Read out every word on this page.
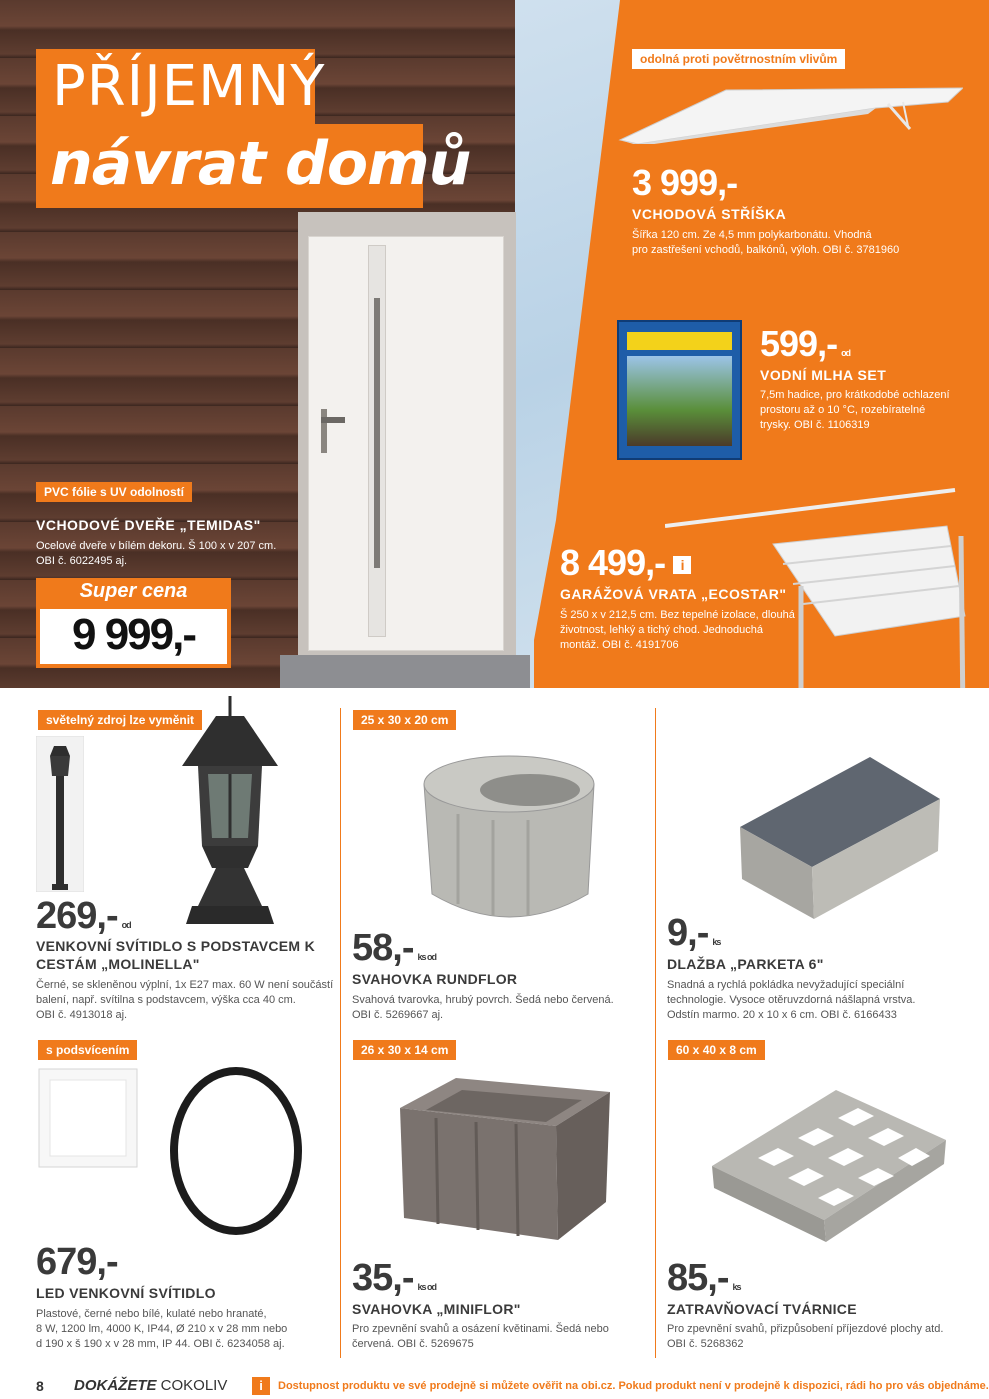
PŘÍJEMNÝ
návrat domů
odolná proti povětrnostním vlivům
3 999,-
VCHODOVÁ STŘÍŠKA
Šířka 120 cm. Ze 4,5 mm polykarbonátu. Vhodná
pro zastřešení vchodů, balkónů, výloh. OBI č. 3781960
599,- od
VODNÍ MLHA SET
7,5m hadice, pro krátkodobé ochlazení
prostoru až o 10 °C, rozebíratelné
trysky. OBI č. 1106319
8 499,- i
GARÁŽOVÁ VRATA „ECOSTAR"
Š 250 x v 212,5 cm. Bez tepelné izolace, dlouhá
životnost, lehký a tichý chod. Jednoduchá
montáž. OBI č. 4191706
PVC fólie s UV odolností
VCHODOVÉ DVEŘE „TEMIDAS"
Ocelové dveře v bílém dekoru. Š 100 x v 207 cm.
OBI č. 6022495 aj.
Super cena
9 999,-
světelný zdroj lze vyměnit
269,- od
VENKOVNÍ SVÍTIDLO S PODSTAVCEM K
CESTÁM „MOLINELLA"
Černé, se skleněnou výplní, 1x E27 max. 60 W není součástí
balení, např. svítilna s podstavcem, výška cca 40 cm.
OBI č. 4913018 aj.
25 x 30 x 20 cm
58,- ks od
SVAHOVKA RUNDFLOR
Svahová tvarovka, hrubý povrch. Šedá nebo červená.
OBI č. 5269667 aj.
9,- ks
DLAŽBA „PARKETA 6"
Snadná a rychlá pokládka nevyžadující speciální
technologie. Vysoce otěruvzdorná nášlapná vrstva.
Odstín marmo. 20 x 10 x 6 cm. OBI č. 6166433
s podsvícením
679,-
LED VENKOVNÍ SVÍTIDLO
Plastové, černé nebo bílé, kulaté nebo hranaté,
8 W, 1200 lm, 4000 K, IP44, Ø 210 x v 28 mm nebo
d 190 x š 190 x v 28 mm, IP 44. OBI č. 6234058 aj.
26 x 30 x 14 cm
35,- ks od
SVAHOVKA „MINIFLOR"
Pro zpevnění svahů a osázení květinami. Šedá nebo
červená. OBI č. 5269675
60 x 40 x 8 cm
85,- ks
ZATRAVŇOVACÍ TVÁRNICE
Pro zpevnění svahů, přizpůsobení příjezdové plochy atd.
OBI č. 5268362
8 DOKÁŽETE COKOLIV	i	Dostupnost produktu ve své prodejně si můžete ověřit na obi.cz. Pokud produkt není v prodejně k dispozici, rádi ho pro vás objednáme.
